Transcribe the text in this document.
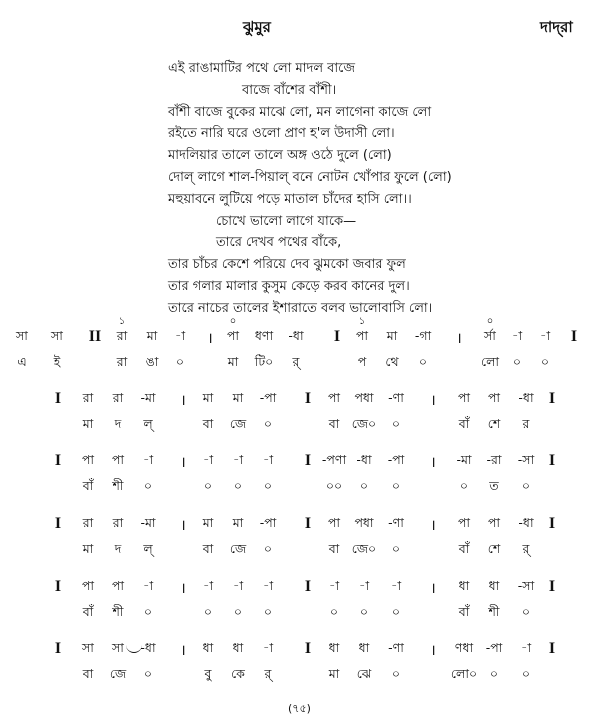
ঝুমুর	দাদ্‌রা
এই রাঙামাটির পথে লো মাদল বাজে
বাজে বাঁশের বাঁশী।
বাঁশী বাজে বুকের মাঝে লো, মন লাগেনা কাজে লো
রইতে নারি ঘরে ওলো প্রাণ হ'ল উদাসী লো।
মাদলিয়ার তালে তালে অঙ্গ ওঠে দুলে (লো)
দোল্‌ লাগে শাল-পিয়াল্‌ বনে নোটন খোঁপার ফুলে (লো)
মহুয়াবনে লুটিয়ে পড়ে মাতাল চাঁদের হাসি লো।।
চোখে ভালো লাগে যাকে—
তারে দেখব পথের বাঁকে,
তার চাঁচর কেশে পরিয়ে দেব ঝুমকো জবার ফুল
তার গলার মালার কুসুম কেড়ে করব কানের দুল।
তারে নাচের তালের ইশারাতে বলব ভালোবাসি লো।
সা সা II রা মা -া । পা ধণা -ধা I পা মা -গা । র্সা -া -া I
এ ই	রা ঙা ০	মা টি০ র্‌	প থে ০	লো ০ ০
১	০	১	০
I রা রা -মা । মা মা -পা I পা পধা -ণা । পা পা -ধা I
মা দ ল্‌	বা জে ০	বা জে০ ০	বাঁ শে র
I পা পা -া । -া -া -া I -পণা -ধা -পা । -মা -রা -সা I
বাঁ শী ০	০ ০ ০	০০ ০ ০	০ ত ০
I রা রা -মা । মা মা -পা I পা পধা -ণা । পা পা -ধা I
মা দ ল্‌	বা জে ০	বা জে০ ০	বাঁ শে র্‌
I পা পা -া । -া -া -া I -া -া -া । ধা ধা -সা I
বাঁ শী ০	০ ০ ০	০ ০ ০	বাঁ শী ০
I সা সা -ধা । ধা ধা -া I ধা ধা -ণা । ণধা -পা -া I
বা জে ০	বু কে র্‌	মা ঝে ০	লো০ ০ ০
(৭৫)
